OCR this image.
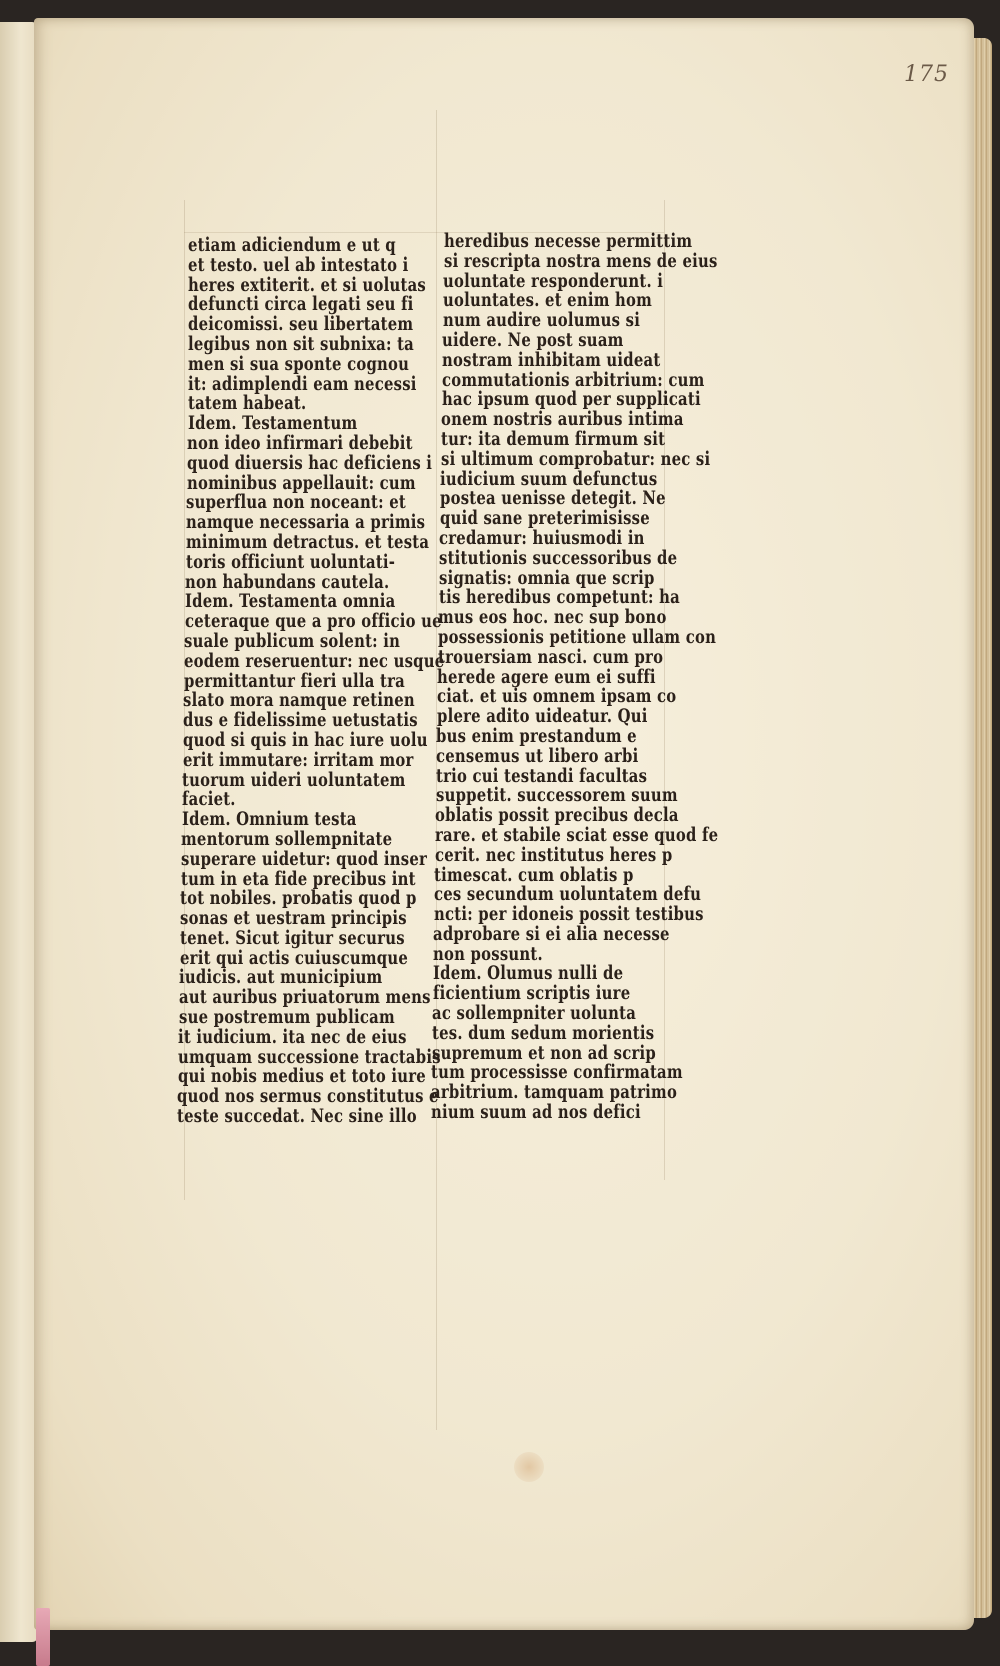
175
etiam adiciendum e ut q
et testo. uel ab intestato i
heres extiterit. et si uolutas
defuncti circa legati seu fi
deicomissi. seu libertatem
legibus non sit subnixa: ta
men si sua sponte cognou
it: adimplendi eam necessi
tatem habeat.
Idem. Testamentum
non ideo infirmari debebit
quod diuersis hac deficiens i
nominibus appellauit: cum
superflua non noceant: et
namque necessaria a primis
minimum detractus. et testa
toris officiunt uoluntati-
non habundans cautela.
Idem. Testamenta omnia
ceteraque que a pro officio ue
suale publicum solent: in
eodem reseruentur: nec usque
permittantur fieri ulla tra
slato mora namque retinen
dus e fidelissime uetustatis
quod si quis in hac iure uolu
erit immutare: irritam mor
tuorum uideri uoluntatem
faciet.
Idem. Omnium testa
mentorum sollempnitate
superare uidetur: quod inser
tum in eta fide precibus int
tot nobiles. probatis quod p
sonas et uestram principis
tenet. Sicut igitur securus
erit qui actis cuiuscumque
iudicis. aut municipium
aut auribus priuatorum mens
sue postremum publicam
it iudicium. ita nec de eius
umquam successione tractabis
qui nobis medius et toto iure
quod nos sermus constitutus e
teste succedat. Nec sine illo
heredibus necesse permittim
si rescripta nostra mens de eius
uoluntate responderunt. i
uoluntates. et enim hom
num audire uolumus si
uidere. Ne post suam
nostram inhibitam uideat
commutationis arbitrium: cum
hac ipsum quod per supplicati
onem nostris auribus intima
tur: ita demum firmum sit
si ultimum comprobatur: nec si
iudicium suum defunctus
postea uenisse detegit. Ne
quid sane preterimisisse
credamur: huiusmodi in
stitutionis successoribus de
signatis: omnia que scrip
tis heredibus competunt: ha
mus eos hoc. nec sup bono
possessionis petitione ullam con
trouersiam nasci. cum pro
herede agere eum ei suffi
ciat. et uis omnem ipsam co
plere adito uideatur. Qui
bus enim prestandum e
censemus ut libero arbi
trio cui testandi facultas
suppetit. successorem suum
oblatis possit precibus decla
rare. et stabile sciat esse quod fe
cerit. nec institutus heres p
timescat. cum oblatis p
ces secundum uoluntatem defu
ncti: per idoneis possit testibus
adprobare si ei alia necesse
non possunt.
Idem. Olumus nulli de
ficientium scriptis iure
ac sollempniter uolunta
tes. dum sedum morientis
supremum et non ad scrip
tum processisse confirmatam
arbitrium. tamquam patrimo
nium suum ad nos defici
